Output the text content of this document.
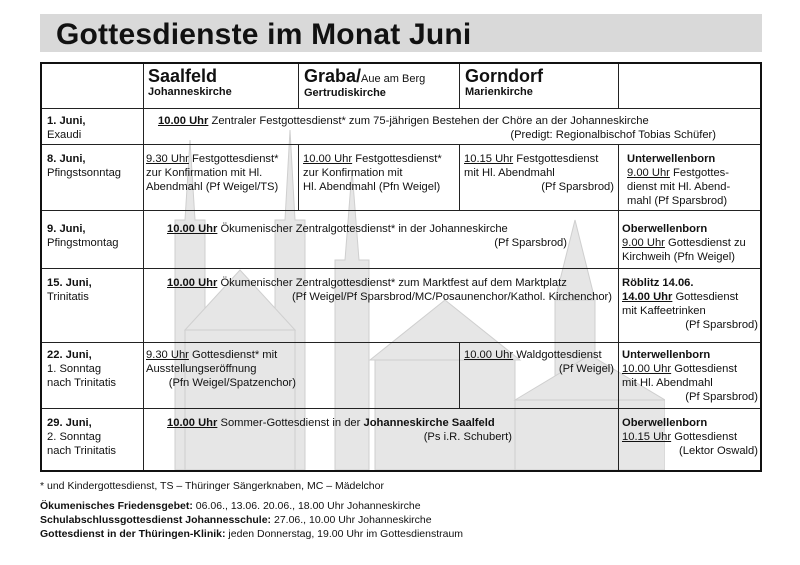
Gottesdienste im Monat Juni
Saalfeld
Johanneskirche
Graba/Aue am Berg
Gertrudiskirche
Gorndorf
Marienkirche
1. Juni,
Exaudi
10.00 Uhr Zentraler Festgottesdienst* zum 75-jährigen Bestehen der Chöre an der Johanneskirche
(Predigt: Regionalbischof Tobias Schüfer)
8. Juni,
Pfingstsonntag
9.30 Uhr Festgottesdienst*
zur Konfirmation mit Hl.
Abendmahl (Pf Weigel/TS)
10.00 Uhr Festgottesdienst*
zur Konfirmation mit
Hl. Abendmahl (Pfn Weigel)
10.15 Uhr Festgottesdienst
mit Hl. Abendmahl
(Pf Sparsbrod)
Unterwellenborn
9.00 Uhr Festgottes-
dienst mit Hl. Abend-
mahl (Pf Sparsbrod)
9. Juni,
Pfingstmontag
10.00 Uhr Ökumenischer Zentralgottesdienst* in der Johanneskirche
(Pf Sparsbrod)
Oberwellenborn
9.00 Uhr Gottesdienst zu
Kirchweih (Pfn Weigel)
15. Juni,
Trinitatis
10.00 Uhr Ökumenischer Zentralgottesdienst* zum Marktfest auf dem Marktplatz
(Pf Weigel/Pf Sparsbrod/MC/Posaunenchor/Kathol. Kirchenchor)
Röblitz 14.06.
14.00 Uhr Gottesdienst
mit Kaffeetrinken
(Pf Sparsbrod)
22. Juni,
1. Sonntag
nach Trinitatis
9.30 Uhr Gottesdienst* mit
Ausstellungseröffnung
(Pfn Weigel/Spatzenchor)
10.00 Uhr Waldgottesdienst
(Pf Weigel)
Unterwellenborn
10.00 Uhr Gottesdienst
mit Hl. Abendmahl
(Pf Sparsbrod)
29. Juni,
2. Sonntag
nach Trinitatis
10.00 Uhr Sommer-Gottesdienst in der Johanneskirche Saalfeld
(Ps i.R. Schubert)
Oberwellenborn
10.15 Uhr Gottesdienst
(Lektor Oswald)
* und Kindergottesdienst, TS – Thüringer Sängerknaben, MC – Mädelchor
Ökumenisches Friedensgebet: 06.06., 13.06. 20.06., 18.00 Uhr Johanneskirche
Schulabschlussgottesdienst Johannesschule: 27.06., 10.00 Uhr Johanneskirche
Gottesdienst in der Thüringen-Klinik: jeden Donnerstag, 19.00 Uhr im Gottesdienstraum
